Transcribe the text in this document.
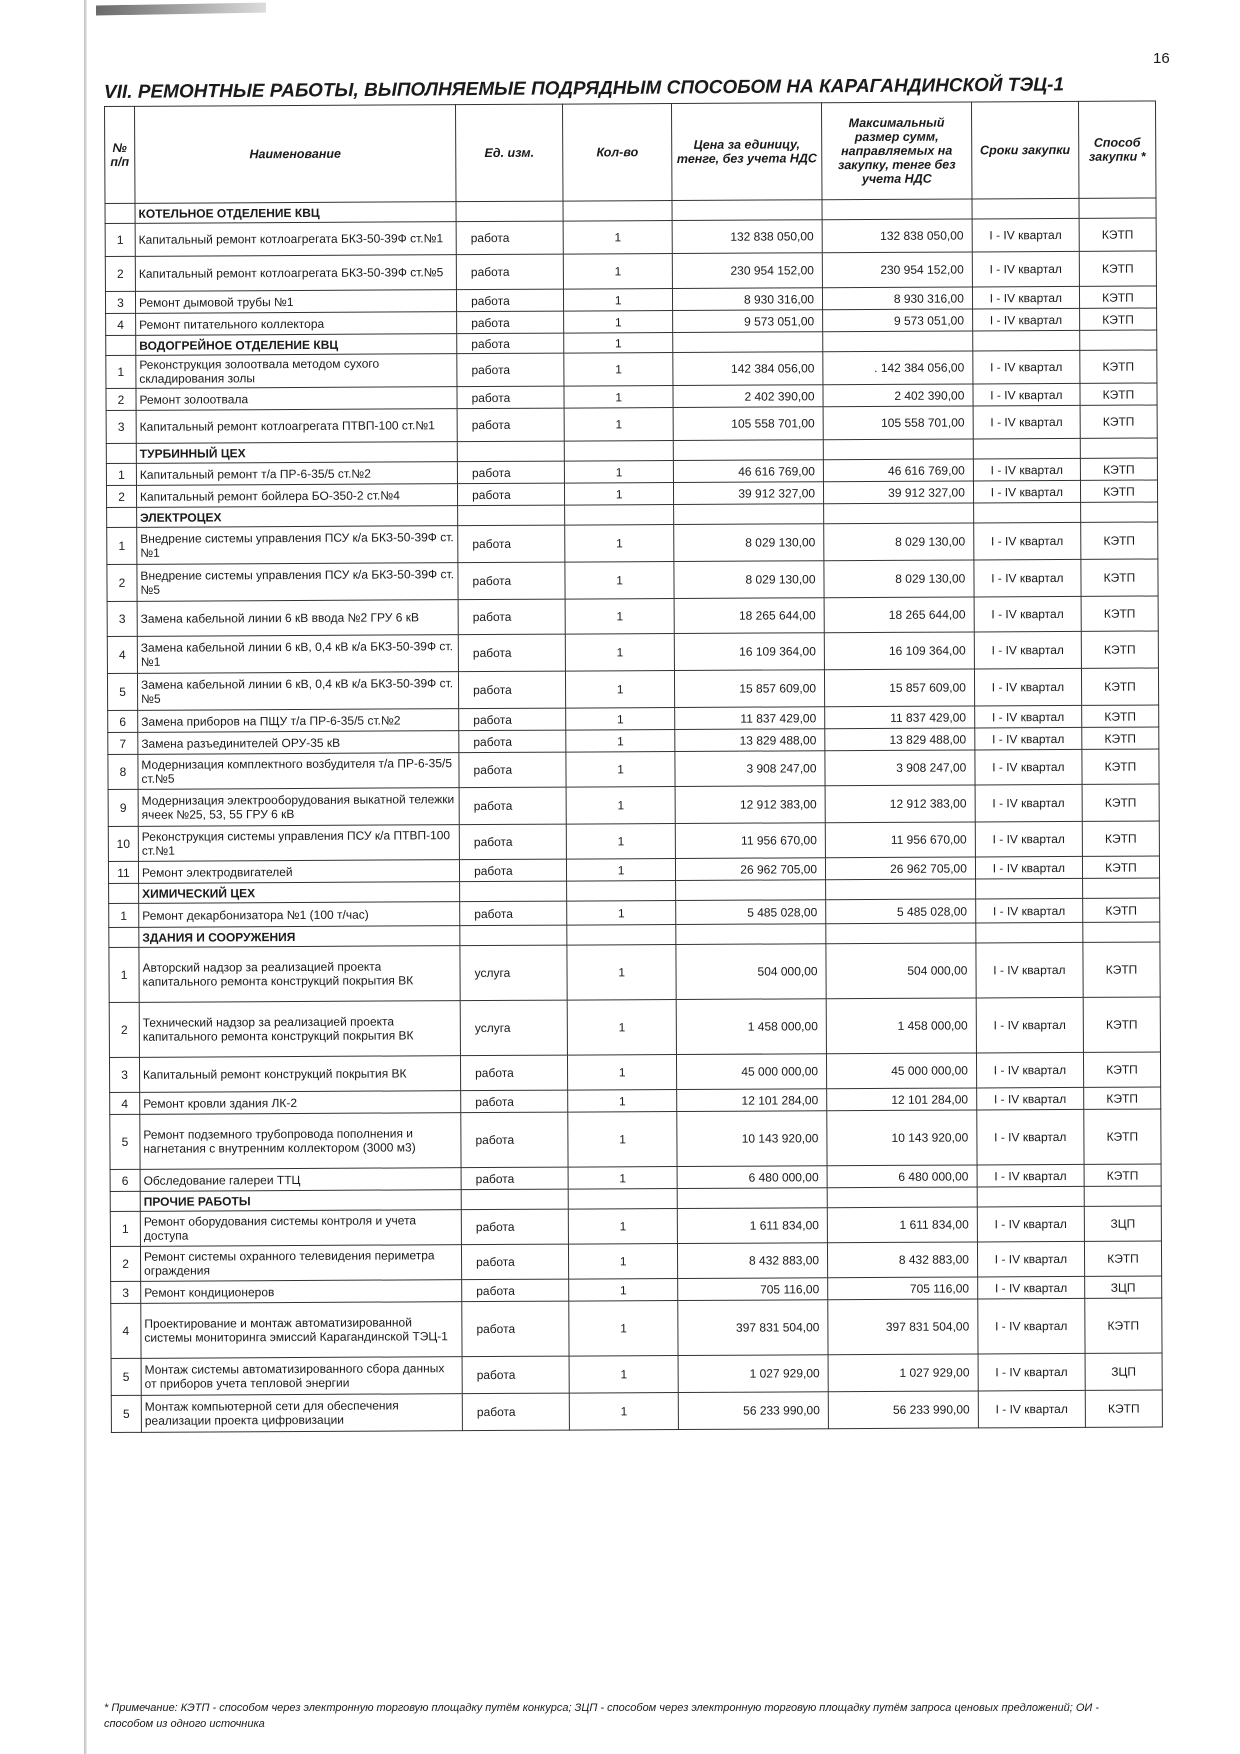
16
VII. РЕМОНТНЫЕ РАБОТЫ, ВЫПОЛНЯЕМЫЕ ПОДРЯДНЫМ СПОСОБОМ НА КАРАГАНДИНСКОЙ ТЭЦ-1
№ п/п	Наименование	Ед. изм.	Кол-во	Цена за единицу, тенге, без учета НДС	Максимальный размер сумм, направляемых на закупку, тенге без учета НДС	Сроки закупки	Способ закупки *
	КОТЕЛЬНОЕ ОТДЕЛЕНИЕ КВЦ						
1	Капитальный ремонт котлоагрегата БКЗ-50-39Ф ст.№1	работа	1	132 838 050,00	132 838 050,00	I - IV квартал	КЭТП
2	Капитальный ремонт котлоагрегата БКЗ-50-39Ф ст.№5	работа	1	230 954 152,00	230 954 152,00	I - IV квартал	КЭТП
3	Ремонт дымовой трубы №1	работа	1	8 930 316,00	8 930 316,00	I - IV квартал	КЭТП
4	Ремонт питательного коллектора	работа	1	9 573 051,00	9 573 051,00	I - IV квартал	КЭТП
	ВОДОГРЕЙНОЕ ОТДЕЛЕНИЕ КВЦ	работа	1				
1	Реконструкция золоотвала методом сухого складирования золы	работа	1	142 384 056,00	. 142 384 056,00	I - IV квартал	КЭТП
2	Ремонт золоотвала	работа	1	2 402 390,00	2 402 390,00	I - IV квартал	КЭТП
3	Капитальный ремонт котлоагрегата ПТВП-100 ст.№1	работа	1	105 558 701,00	105 558 701,00	I - IV квартал	КЭТП
	ТУРБИННЫЙ ЦЕХ						
1	Капитальный ремонт т/а ПР-6-35/5 ст.№2	работа	1	46 616 769,00	46 616 769,00	I - IV квартал	КЭТП
2	Капитальный ремонт бойлера БО-350-2 ст.№4	работа	1	39 912 327,00	39 912 327,00	I - IV квартал	КЭТП
	ЭЛЕКТРОЦЕХ						
1	Внедрение системы управления ПСУ к/а БКЗ-50-39Ф ст.№1	работа	1	8 029 130,00	8 029 130,00	I - IV квартал	КЭТП
2	Внедрение системы управления ПСУ к/а БКЗ-50-39Ф ст.№5	работа	1	8 029 130,00	8 029 130,00	I - IV квартал	КЭТП
3	Замена кабельной линии 6 кВ ввода №2 ГРУ 6 кВ	работа	1	18 265 644,00	18 265 644,00	I - IV квартал	КЭТП
4	Замена кабельной линии 6 кВ, 0,4 кВ к/а БКЗ-50-39Ф ст.№1	работа	1	16 109 364,00	16 109 364,00	I - IV квартал	КЭТП
5	Замена кабельной линии 6 кВ, 0,4 кВ к/а БКЗ-50-39Ф ст.№5	работа	1	15 857 609,00	15 857 609,00	I - IV квартал	КЭТП
6	Замена приборов на ПЩУ т/а ПР-6-35/5 ст.№2	работа	1	11 837 429,00	11 837 429,00	I - IV квартал	КЭТП
7	Замена разъединителей ОРУ-35 кВ	работа	1	13 829 488,00	13 829 488,00	I - IV квартал	КЭТП
8	Модернизация комплектного возбудителя т/а ПР-6-35/5 ст.№5	работа	1	3 908 247,00	3 908 247,00	I - IV квартал	КЭТП
9	Модернизация электрооборудования выкатной тележки ячеек №25, 53, 55 ГРУ 6 кВ	работа	1	12 912 383,00	12 912 383,00	I - IV квартал	КЭТП
10	Реконструкция системы управления ПСУ к/а ПТВП-100 ст.№1	работа	1	11 956 670,00	11 956 670,00	I - IV квартал	КЭТП
11	Ремонт электродвигателей	работа	1	26 962 705,00	26 962 705,00	I - IV квартал	КЭТП
	ХИМИЧЕСКИЙ ЦЕХ						
1	Ремонт декарбонизатора №1 (100 т/час)	работа	1	5 485 028,00	5 485 028,00	I - IV квартал	КЭТП
	ЗДАНИЯ И СООРУЖЕНИЯ						
1	Авторский надзор за реализацией проекта капитального ремонта конструкций покрытия ВК	услуга	1	504 000,00	504 000,00	I - IV квартал	КЭТП
2	Технический надзор за реализацией проекта капитального ремонта конструкций покрытия ВК	услуга	1	1 458 000,00	1 458 000,00	I - IV квартал	КЭТП
3	Капитальный ремонт конструкций покрытия ВК	работа	1	45 000 000,00	45 000 000,00	I - IV квартал	КЭТП
4	Ремонт кровли здания ЛК-2	работа	1	12 101 284,00	12 101 284,00	I - IV квартал	КЭТП
5	Ремонт подземного трубопровода пополнения и нагнетания с внутренним коллектором (3000 м3)	работа	1	10 143 920,00	10 143 920,00	I - IV квартал	КЭТП
6	Обследование галереи ТТЦ	работа	1	6 480 000,00	6 480 000,00	I - IV квартал	КЭТП
	ПРОЧИЕ РАБОТЫ						
1	Ремонт оборудования системы контроля и учета доступа	работа	1	1 611 834,00	1 611 834,00	I - IV квартал	ЗЦП
2	Ремонт системы охранного телевидения периметра ограждения	работа	1	8 432 883,00	8 432 883,00	I - IV квартал	КЭТП
3	Ремонт кондиционеров	работа	1	705 116,00	705 116,00	I - IV квартал	ЗЦП
4	Проектирование и монтаж автоматизированной системы мониторинга эмиссий Карагандинской ТЭЦ-1	работа	1	397 831 504,00	397 831 504,00	I - IV квартал	КЭТП
5	Монтаж системы автоматизированного сбора данных от приборов учета тепловой энергии	работа	1	1 027 929,00	1 027 929,00	I - IV квартал	ЗЦП
5	Монтаж компьютерной сети для обеспечения реализации проекта цифровизации	работа	1	56 233 990,00	56 233 990,00	I - IV квартал	КЭТП
* Примечание: КЭТП - способом через электронную торговую площадку путём конкурса; ЗЦП - способом через электронную торговую площадку путём запроса ценовых предложений; ОИ - способом из одного источника
